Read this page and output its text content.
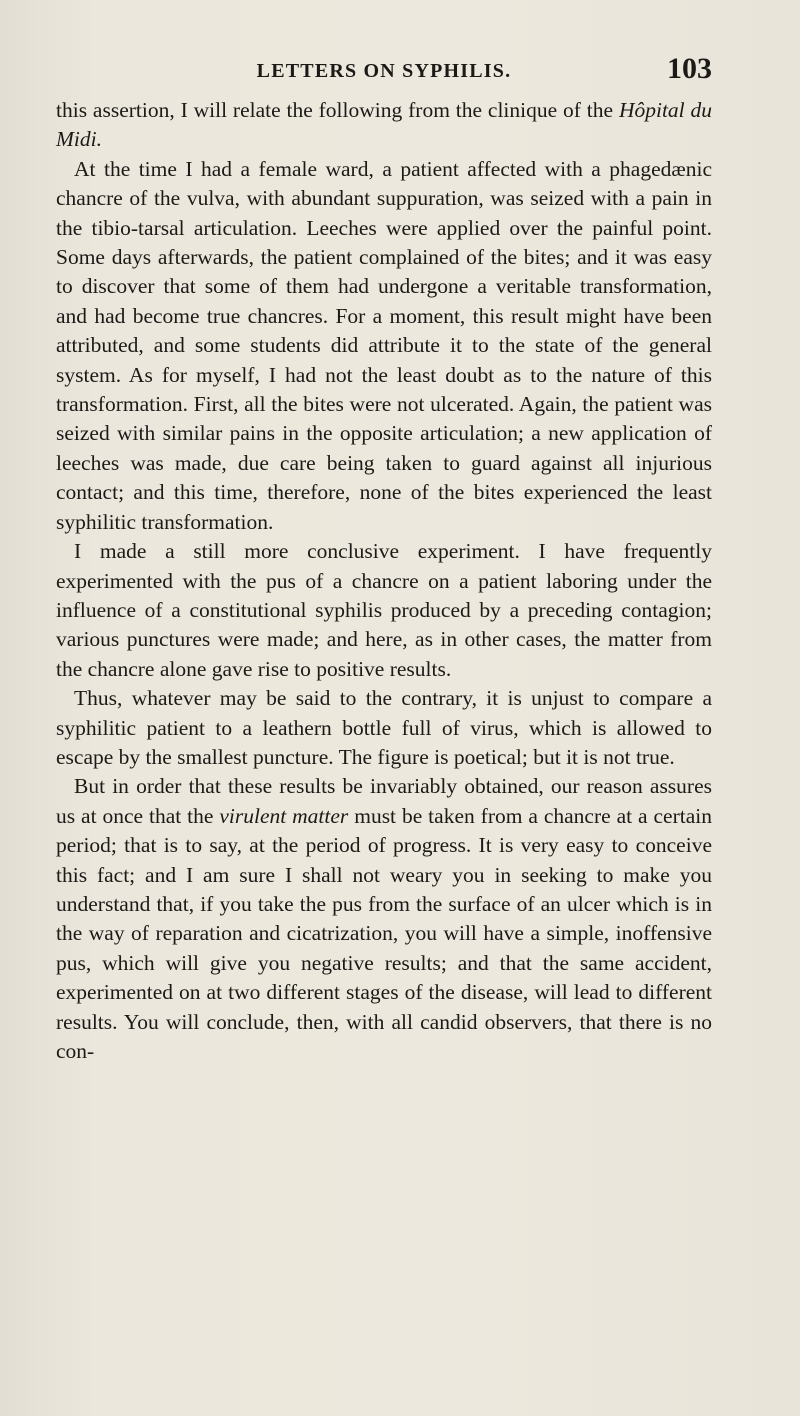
LETTERS ON SYPHILIS.	103

this assertion, I will relate the following from the clinique of the Hôpital du Midi.

At the time I had a female ward, a patient affected with a phagedænic chancre of the vulva, with abundant suppuration, was seized with a pain in the tibio-tarsal articulation. Leeches were applied over the painful point. Some days afterwards, the patient complained of the bites; and it was easy to discover that some of them had undergone a veritable transformation, and had become true chancres. For a moment, this result might have been attributed, and some students did attribute it to the state of the general system. As for myself, I had not the least doubt as to the nature of this transformation. First, all the bites were not ulcerated. Again, the patient was seized with similar pains in the opposite articulation; a new application of leeches was made, due care being taken to guard against all injurious contact; and this time, therefore, none of the bites experienced the least syphilitic transformation.

I made a still more conclusive experiment. I have frequently experimented with the pus of a chancre on a patient laboring under the influence of a constitutional syphilis produced by a preceding contagion; various punctures were made; and here, as in other cases, the matter from the chancre alone gave rise to positive results.

Thus, whatever may be said to the contrary, it is unjust to compare a syphilitic patient to a leathern bottle full of virus, which is allowed to escape by the smallest puncture. The figure is poetical; but it is not true.

But in order that these results be invariably obtained, our reason assures us at once that the virulent matter must be taken from a chancre at a certain period; that is to say, at the period of progress. It is very easy to conceive this fact; and I am sure I shall not weary you in seeking to make you understand that, if you take the pus from the surface of an ulcer which is in the way of reparation and cicatrization, you will have a simple, inoffensive pus, which will give you negative results; and that the same accident, experimented on at two different stages of the disease, will lead to different results. You will conclude, then, with all candid observers, that there is no con-
